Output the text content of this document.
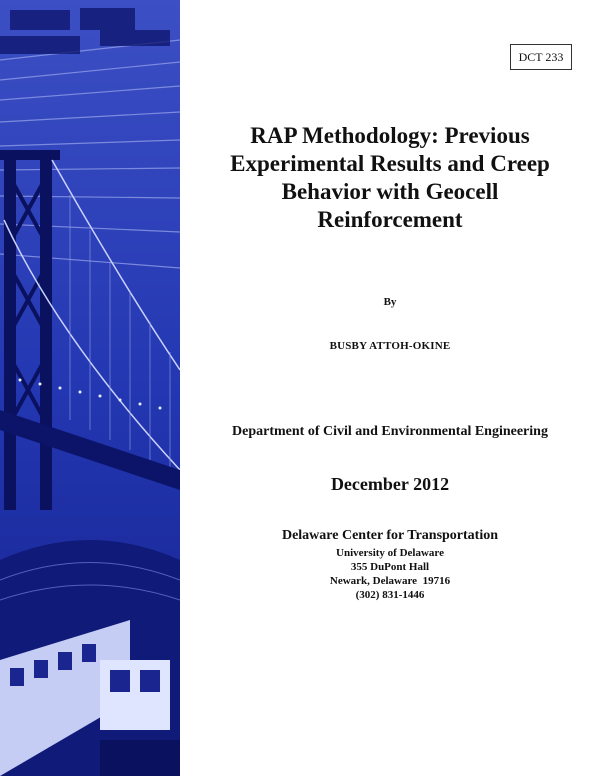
DCT 233
RAP Methodology: Previous Experimental Results and Creep Behavior with Geocell Reinforcement
By
BUSBY ATTOH-OKINE
Department of Civil and Environmental Engineering
December 2012
Delaware Center for Transportation
University of Delaware
355 DuPont Hall
Newark, Delaware  19716
(302) 831-1446
